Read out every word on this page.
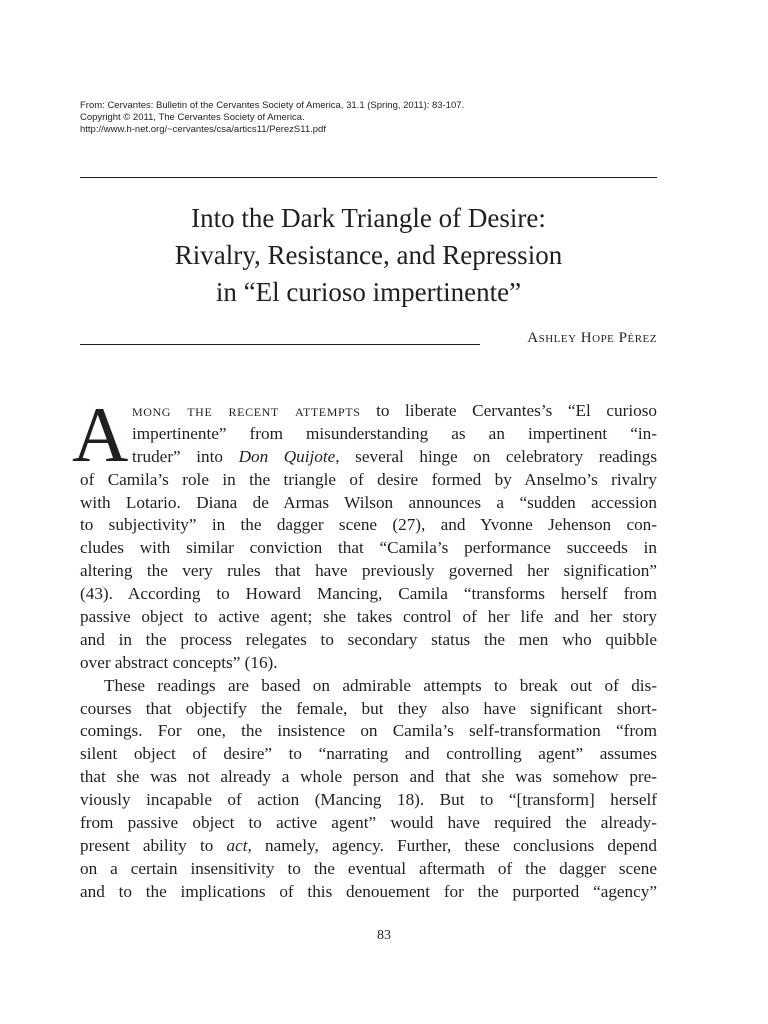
From: Cervantes: Bulletin of the Cervantes Society of America, 31.1 (Spring, 2011): 83-107.
Copyright © 2011, The Cervantes Society of America.
http://www.h-net.org/~cervantes/csa/artics11/PerezS11.pdf
Into the Dark Triangle of Desire:
Rivalry, Resistance, and Repression
in “El curioso impertinente”
Ashley Hope Pérez
A mong the recent attempts to liberate Cervantes’s “El curioso
impertinente” from misunderstanding as an impertinent “in-
truder” into Don Quijote, several hinge on celebratory readings
of Camila’s role in the triangle of desire formed by Anselmo’s rivalry
with Lotario. Diana de Armas Wilson announces a “sudden accession
to subjectivity” in the dagger scene (27), and Yvonne Jehenson con-
cludes with similar conviction that “Camila’s performance succeeds in
altering the very rules that have previously governed her signification”
(43). According to Howard Mancing, Camila “transforms herself from
passive object to active agent; she takes control of her life and her story
and in the process relegates to secondary status the men who quibble
over abstract concepts” (16).
These readings are based on admirable attempts to break out of dis-
courses that objectify the female, but they also have significant short-
comings. For one, the insistence on Camila’s self-transformation “from
silent object of desire” to “narrating and controlling agent” assumes
that she was not already a whole person and that she was somehow pre-
viously incapable of action (Mancing 18). But to “[transform] herself
from passive object to active agent” would have required the already-
present ability to act, namely, agency. Further, these conclusions depend
on a certain insensitivity to the eventual aftermath of the dagger scene
and to the implications of this denouement for the purported “agency”
83
